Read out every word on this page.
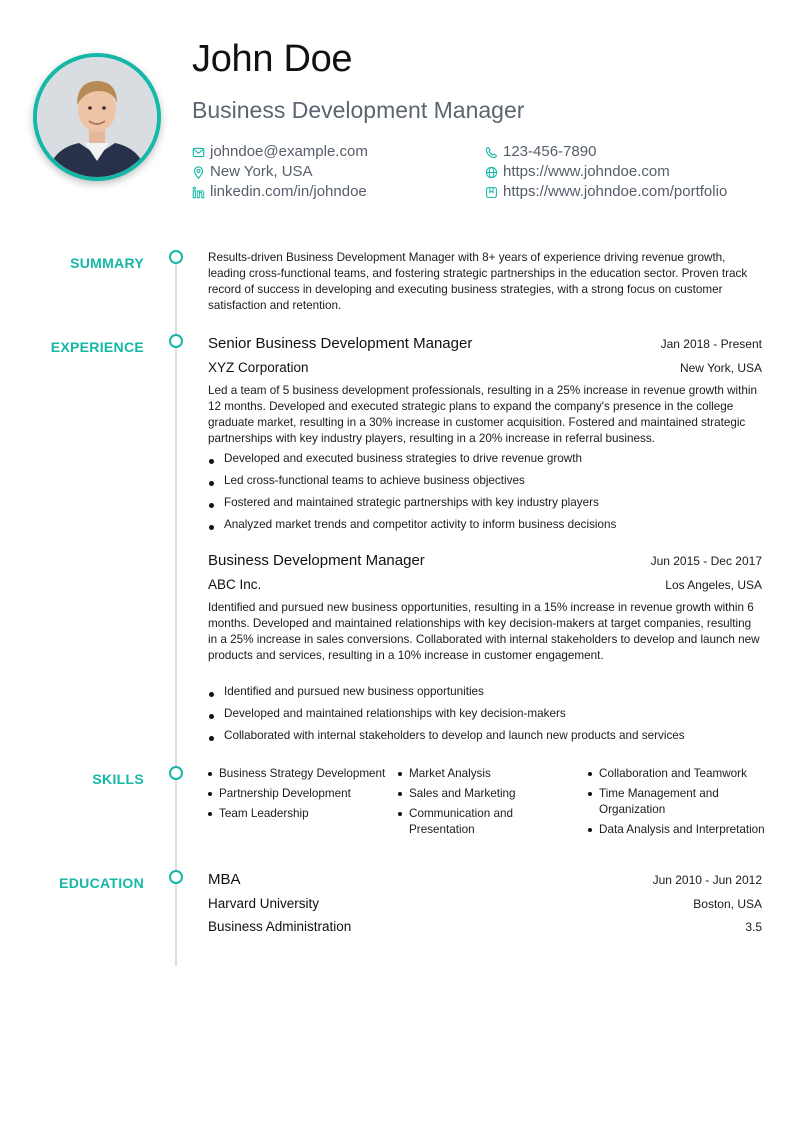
John Doe
Business Development Manager
johndoe@example.com
New York, USA
linkedin.com/in/johndoe
123-456-7890
https://www.johndoe.com
https://www.johndoe.com/portfolio
SUMMARY	Results-driven Business Development Manager with 8+ years of experience driving revenue growth, leading cross-functional teams, and fostering strategic partnerships in the education sector. Proven track record of success in developing and executing business strategies, with a strong focus on customer satisfaction and retention.
EXPERIENCE	Senior Business Development Manager	Jan 2018 - Present
XYZ Corporation	New York, USA
Led a team of 5 business development professionals, resulting in a 25% increase in revenue growth within 12 months. Developed and executed strategic plans to expand the company's presence in the college graduate market, resulting in a 30% increase in customer acquisition. Fostered and maintained strategic partnerships with key industry players, resulting in a 20% increase in referral business.
Developed and executed business strategies to drive revenue growth
Led cross-functional teams to achieve business objectives
Fostered and maintained strategic partnerships with key industry players
Analyzed market trends and competitor activity to inform business decisions
Business Development Manager	Jun 2015 - Dec 2017
ABC Inc.	Los Angeles, USA
Identified and pursued new business opportunities, resulting in a 15% increase in revenue growth within 6 months. Developed and maintained relationships with key decision-makers at target companies, resulting in a 25% increase in sales conversions. Collaborated with internal stakeholders to develop and launch new products and services, resulting in a 10% increase in customer engagement.
Identified and pursued new business opportunities
Developed and maintained relationships with key decision-makers
Collaborated with internal stakeholders to develop and launch new products and services
SKILLS	Business Strategy Development
Partnership Development
Team Leadership
Market Analysis
Sales and Marketing
Communication and Presentation
Collaboration and Teamwork
Time Management and Organization
Data Analysis and Interpretation
EDUCATION	MBA	Jun 2010 - Jun 2012
Harvard University	Boston, USA
Business Administration	3.5
